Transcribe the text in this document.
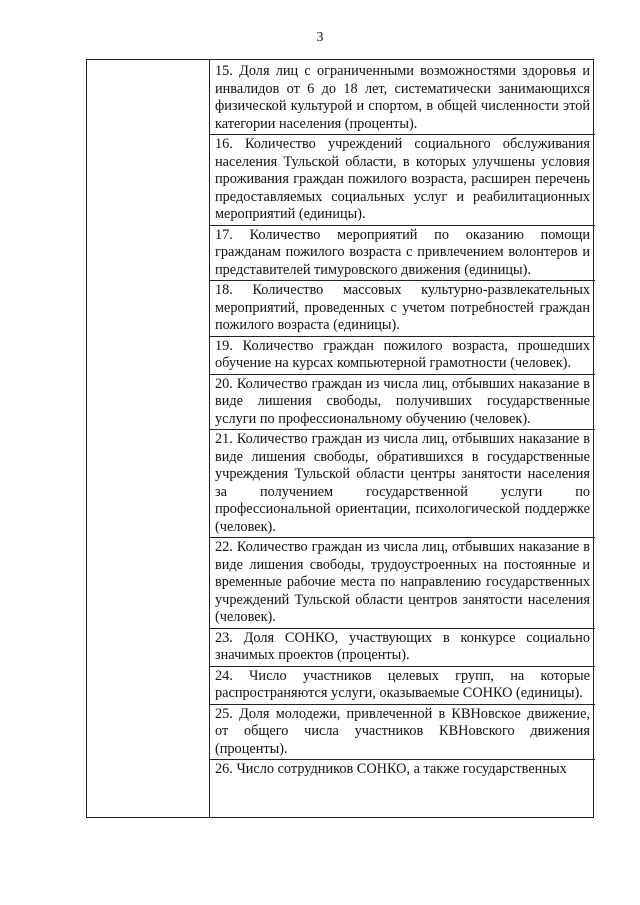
3

15. Доля лиц с ограниченными возможностями здоровья и инвалидов от 6 до 18 лет, систематически занимающихся физической культурой и спортом, в общей численности этой категории населения (проценты).

16. Количество учреждений социального обслуживания населения Тульской области, в которых улучшены условия проживания граждан пожилого возраста, расширен перечень предоставляемых социальных услуг и реабилитационных мероприятий (единицы).

17. Количество мероприятий по оказанию помощи гражданам пожилого возраста с привлечением волонтеров и представителей тимуровского движения (единицы).

18. Количество массовых культурно-развлекательных мероприятий, проведенных с учетом потребностей граждан пожилого возраста (единицы).

19. Количество граждан пожилого возраста, прошедших обучение на курсах компьютерной грамотности (человек).

20. Количество граждан из числа лиц, отбывших наказание в виде лишения свободы, получивших государственные услуги по профессиональному обучению (человек).

21. Количество граждан из числа лиц, отбывших наказание в виде лишения свободы, обратившихся в государственные учреждения Тульской области центры занятости населения за получением государственной услуги по профессиональной ориентации, психологической поддержке (человек).

22. Количество граждан из числа лиц, отбывших наказание в виде лишения свободы, трудоустроенных на постоянные и временные рабочие места по направлению государственных учреждений Тульской области центров занятости населения (человек).

23. Доля СОНКО, участвующих в конкурсе социально значимых проектов (проценты).

24. Число участников целевых групп, на которые распространяются услуги, оказываемые СОНКО (единицы).

25. Доля молодежи, привлеченной в КВНовское движение, от общего числа участников КВНовского движения (проценты).

26. Число сотрудников СОНКО, а также государственных
